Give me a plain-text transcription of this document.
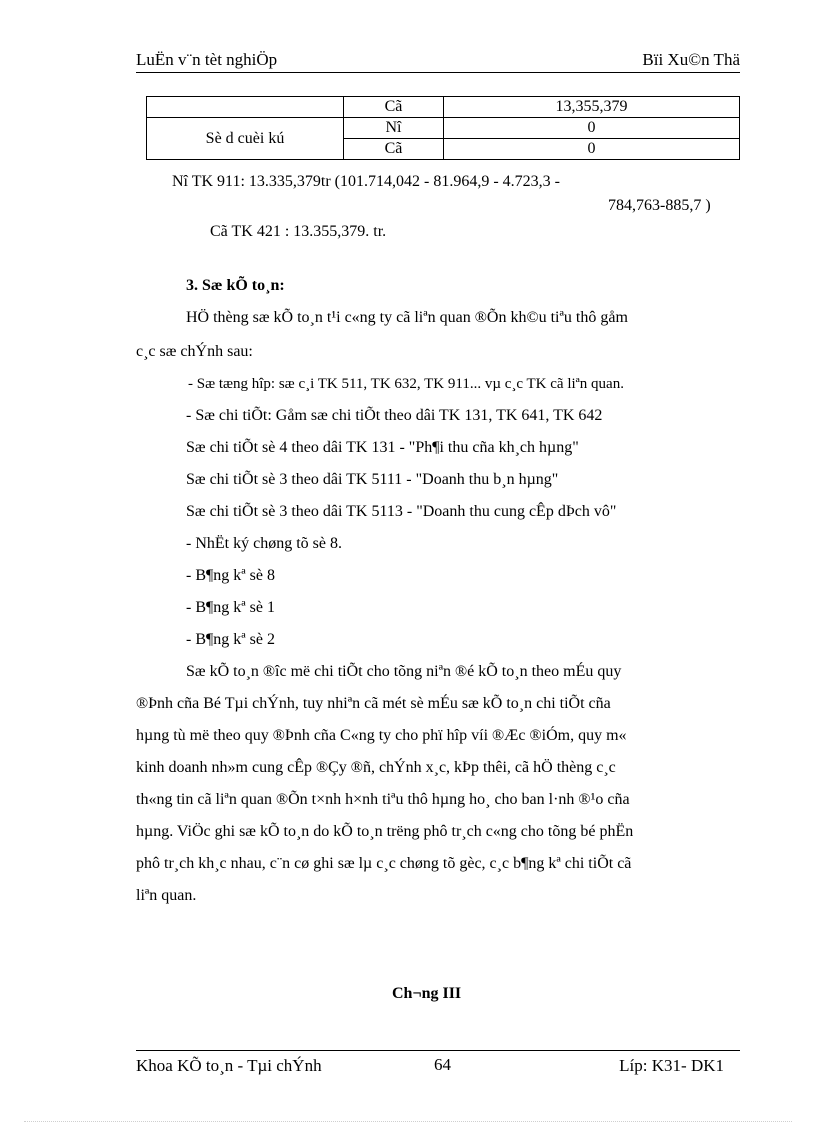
LuËn v¨n tèt nghiÖp	Bïi Xu©n Thä
	Cã	13,355,379
Sè d cuèi kú	Nî	0
	Cã	0
Nî TK 911: 13.335,379tr (101.714,042 - 81.964,9 - 4.723,3 -
784,763-885,7 )
Cã TK 421 : 13.355,379. tr.
3. Sæ kÕ to¸n:
HÖ thèng sæ kÕ to¸n t¹i c«ng ty cã liªn quan ®Õn kh©u tiªu thô gåm
c¸c sæ chÝnh sau:
- Sæ tæng hîp: sæ c¸i TK 511, TK 632, TK 911... vµ c¸c TK cã liªn quan.
- Sæ chi tiÕt: Gåm sæ chi tiÕt theo dâi TK 131, TK 641, TK 642
Sæ chi tiÕt sè 4 theo dâi TK 131 - "Ph¶i thu cña kh¸ch hµng"
Sæ chi tiÕt sè 3 theo dâi TK 5111 - "Doanh thu b¸n hµng"
Sæ chi tiÕt sè 3 theo dâi TK 5113 - "Doanh thu cung cÊp dÞch vô"
- NhËt ký chøng tõ sè 8.
- B¶ng kª sè 8
- B¶ng kª sè 1
- B¶ng kª sè 2
Sæ kÕ to¸n ®îc më chi tiÕt cho tõng niªn ®é kÕ to¸n theo mÉu quy
®Þnh cña Bé Tµi chÝnh, tuy nhiªn cã mét sè mÉu sæ kÕ to¸n chi tiÕt cña
hµng tù më theo quy ®Þnh cña C«ng ty cho phï hîp víi ®Æc ®iÓm, quy m«
kinh doanh nh»m cung cÊp ®Çy ®ñ, chÝnh x¸c, kÞp thêi, cã hÖ thèng c¸c
th«ng tin cã liªn quan ®Õn t×nh h×nh tiªu thô hµng ho¸ cho ban l·nh ®¹o cña
hµng. ViÖc ghi sæ kÕ to¸n do kÕ to¸n trëng phô tr¸ch c«ng cho tõng bé phËn
phô tr¸ch kh¸c nhau, c¨n cø ghi sæ lµ c¸c chøng tõ gèc, c¸c b¶ng kª chi tiÕt cã
liªn quan.
Ch¬ng III
Khoa KÕ to¸n - Tµi chÝnh	64	Líp: K31- DK1
